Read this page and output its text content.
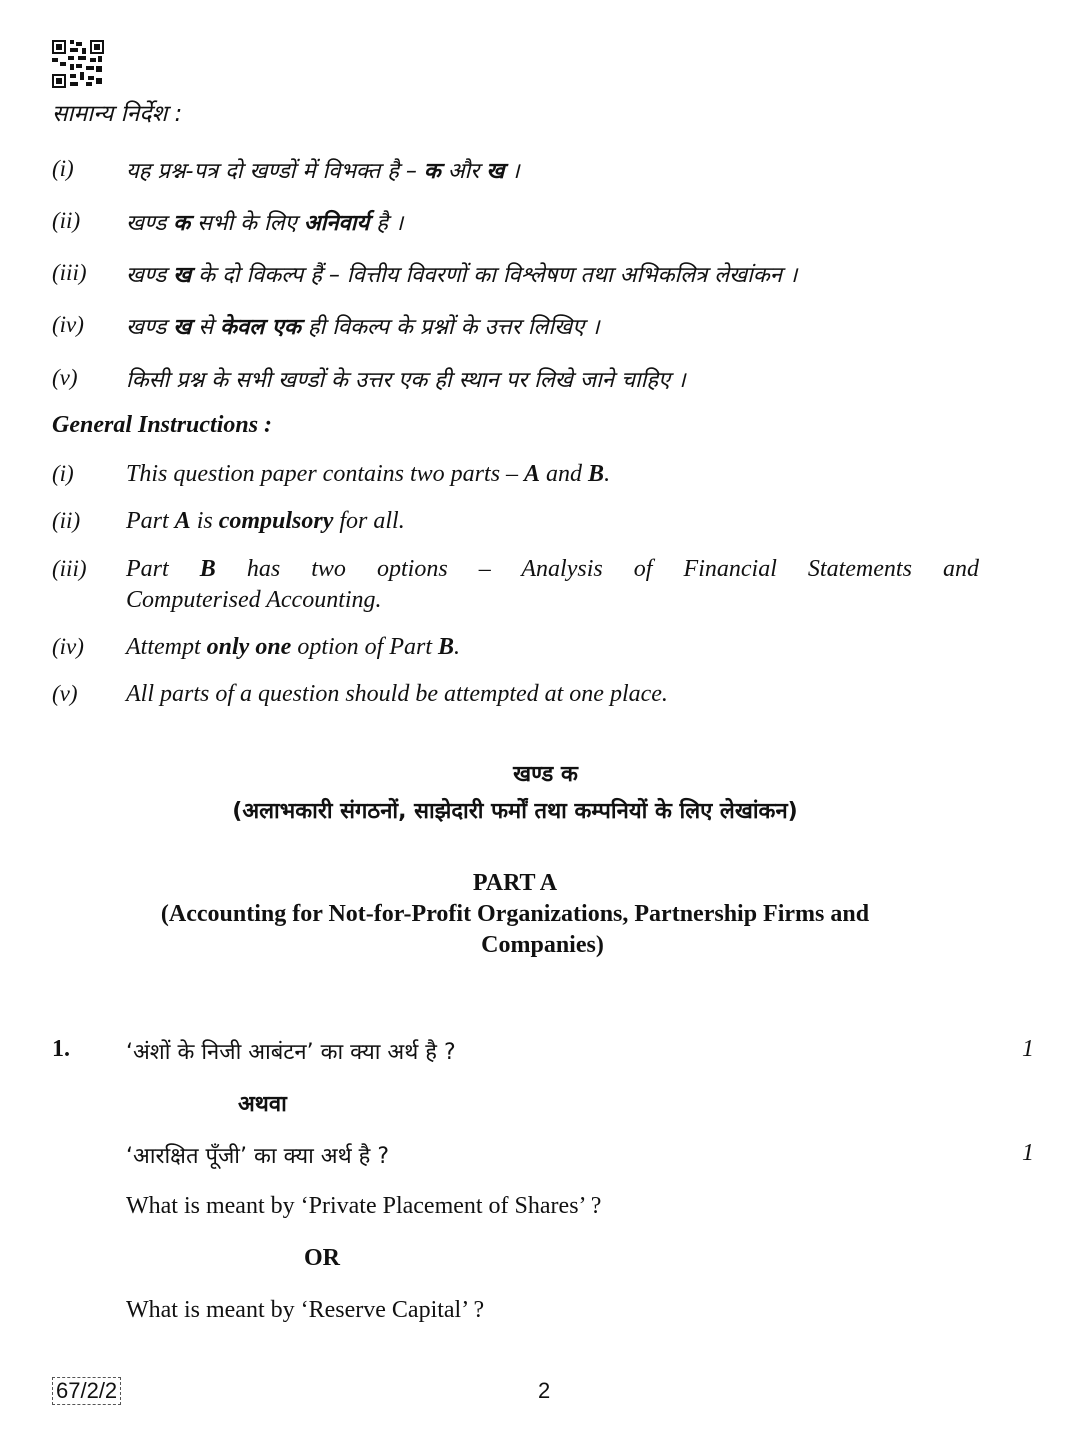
सामान्य निर्देश :
(i) यह प्रश्न-पत्र दो खण्डों में विभक्त है – क और ख ।
(ii) खण्ड क सभी के लिए अनिवार्य है ।
(iii) खण्ड ख के दो विकल्प हैं – वित्तीय विवरणों का विश्लेषण तथा अभिकलित्र लेखांकन ।
(iv) खण्ड ख से केवल एक ही विकल्प के प्रश्नों के उत्तर लिखिए ।
(v) किसी प्रश्न के सभी खण्डों के उत्तर एक ही स्थान पर लिखे जाने चाहिए ।
General Instructions :
(i) This question paper contains two parts – A and B.
(ii) Part A is compulsory for all.
(iii) Part B has two options – Analysis of Financial Statements and
Computerised Accounting.
(iv) Attempt only one option of Part B.
(v) All parts of a question should be attempted at one place.
खण्ड क
(अलाभकारी संगठनों, साझेदारी फर्मों तथा कम्पनियों के लिए लेखांकन)
PART A
(Accounting for Not-for-Profit Organizations, Partnership Firms and
Companies)
1.	‘अंशों के निजी आबंटन’ का क्या अर्थ है ?	1
अथवा
‘आरक्षित पूँजी’ का क्या अर्थ है ?	1
What is meant by ‘Private Placement of Shares’ ?
OR
What is meant by ‘Reserve Capital’ ?
67/2/2	2
